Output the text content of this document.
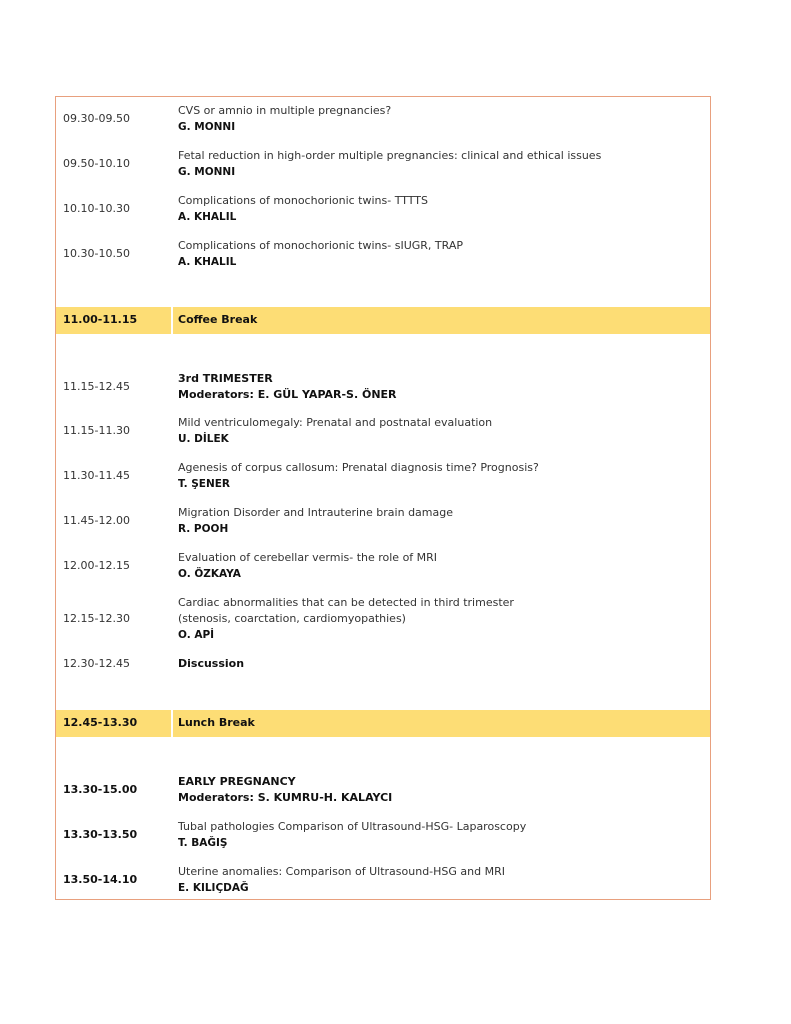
09.30-09.50
CVS or amnio in multiple pregnancies?
G. MONNI
09.50-10.10
Fetal reduction in high-order multiple pregnancies: clinical and ethical issues
G. MONNI
10.10-10.30
Complications of monochorionic twins- TTTTS
A. KHALIL
10.30-10.50
Complications of monochorionic twins- sIUGR, TRAP
A. KHALIL
11.00-11.15	Coffee Break
11.15-12.45
3rd TRIMESTER
Moderators: E. GÜL YAPAR-S. ÖNER
11.15-11.30
Mild ventriculomegaly: Prenatal and postnatal evaluation
U. DİLEK
11.30-11.45
Agenesis of corpus callosum: Prenatal diagnosis time? Prognosis?
T. ŞENER
11.45-12.00
Migration Disorder and Intrauterine brain damage
R. POOH
12.00-12.15
Evaluation of cerebellar vermis- the role of MRI
O. ÖZKAYA
12.15-12.30
Cardiac abnormalities that can be detected in third trimester
(stenosis, coarctation, cardiomyopathies)
O. APİ
12.30-12.45	Discussion
12.45-13.30	Lunch Break
13.30-15.00
EARLY PREGNANCY
Moderators: S. KUMRU-H. KALAYCI
13.30-13.50
Tubal pathologies Comparison of Ultrasound-HSG- Laparoscopy
T. BAĞIŞ
13.50-14.10
Uterine anomalies: Comparison of Ultrasound-HSG and MRI
E. KILIÇDAĞ
